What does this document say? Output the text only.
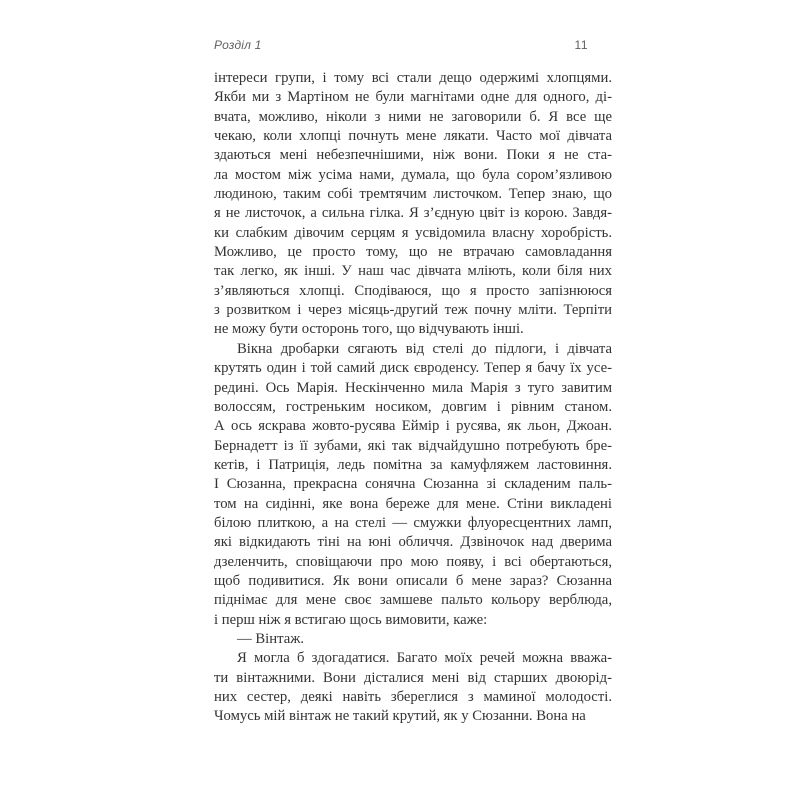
Розділ 1	11
інтереси групи, і тому всі стали дещо одержимі хлопцями.
Якби ми з Мартіном не були магнітами одне для одного, ді-
вчата, можливо, ніколи з ними не заговорили б. Я все ще
чекаю, коли хлопці почнуть мене лякати. Часто мої дівчата
здаються мені небезпечнішими, ніж вони. Поки я не ста-
ла мостом між усіма нами, думала, що була сором’язливою
людиною, таким собі тремтячим листочком. Тепер знаю, що
я не листочок, а сильна гілка. Я з’єдную цвіт із корою. Завдя-
ки слабким дівочим серцям я усвідомила власну хоробрість.
Можливо, це просто тому, що не втрачаю самовладання
так легко, як інші. У наш час дівчата мліють, коли біля них
з’являються хлопці. Сподіваюся, що я просто запізнююся
з розвитком і через місяць-другий теж почну мліти. Терпіти
не можу бути осторонь того, що відчувають інші.
Вікна дробарки сягають від стелі до підлоги, і дівчата
крутять один і той самий диск євроденсу. Тепер я бачу їх усе-
редині. Ось Марія. Нескінченно мила Марія з туго завитим
волоссям, гостреньким носиком, довгим і рівним станом.
А ось яскрава жовто-русява Еймір і русява, як льон, Джоан.
Бернадетт із її зубами, які так відчайдушно потребують бре-
кетів, і Патриція, ледь помітна за камуфляжем ластовиння.
І Сюзанна, прекрасна сонячна Сюзанна зі складеним паль-
том на сидінні, яке вона береже для мене. Стіни викладені
білою плиткою, а на стелі — смужки флуоресцентних ламп,
які відкидають тіні на юні обличчя. Дзвіночок над дверима
дзеленчить, сповіщаючи про мою появу, і всі обертаються,
щоб подивитися. Як вони описали б мене зараз? Сюзанна
піднімає для мене своє замшеве пальто кольору верблюда,
і перш ніж я встигаю щось вимовити, каже:
— Вінтаж.
Я могла б здогадатися. Багато моїх речей можна вважа-
ти вінтажними. Вони дісталися мені від старших двоюрід-
них сестер, деякі навіть збереглися з маминої молодості.
Чомусь мій вінтаж не такий крутий, як у Сюзанни. Вона на
